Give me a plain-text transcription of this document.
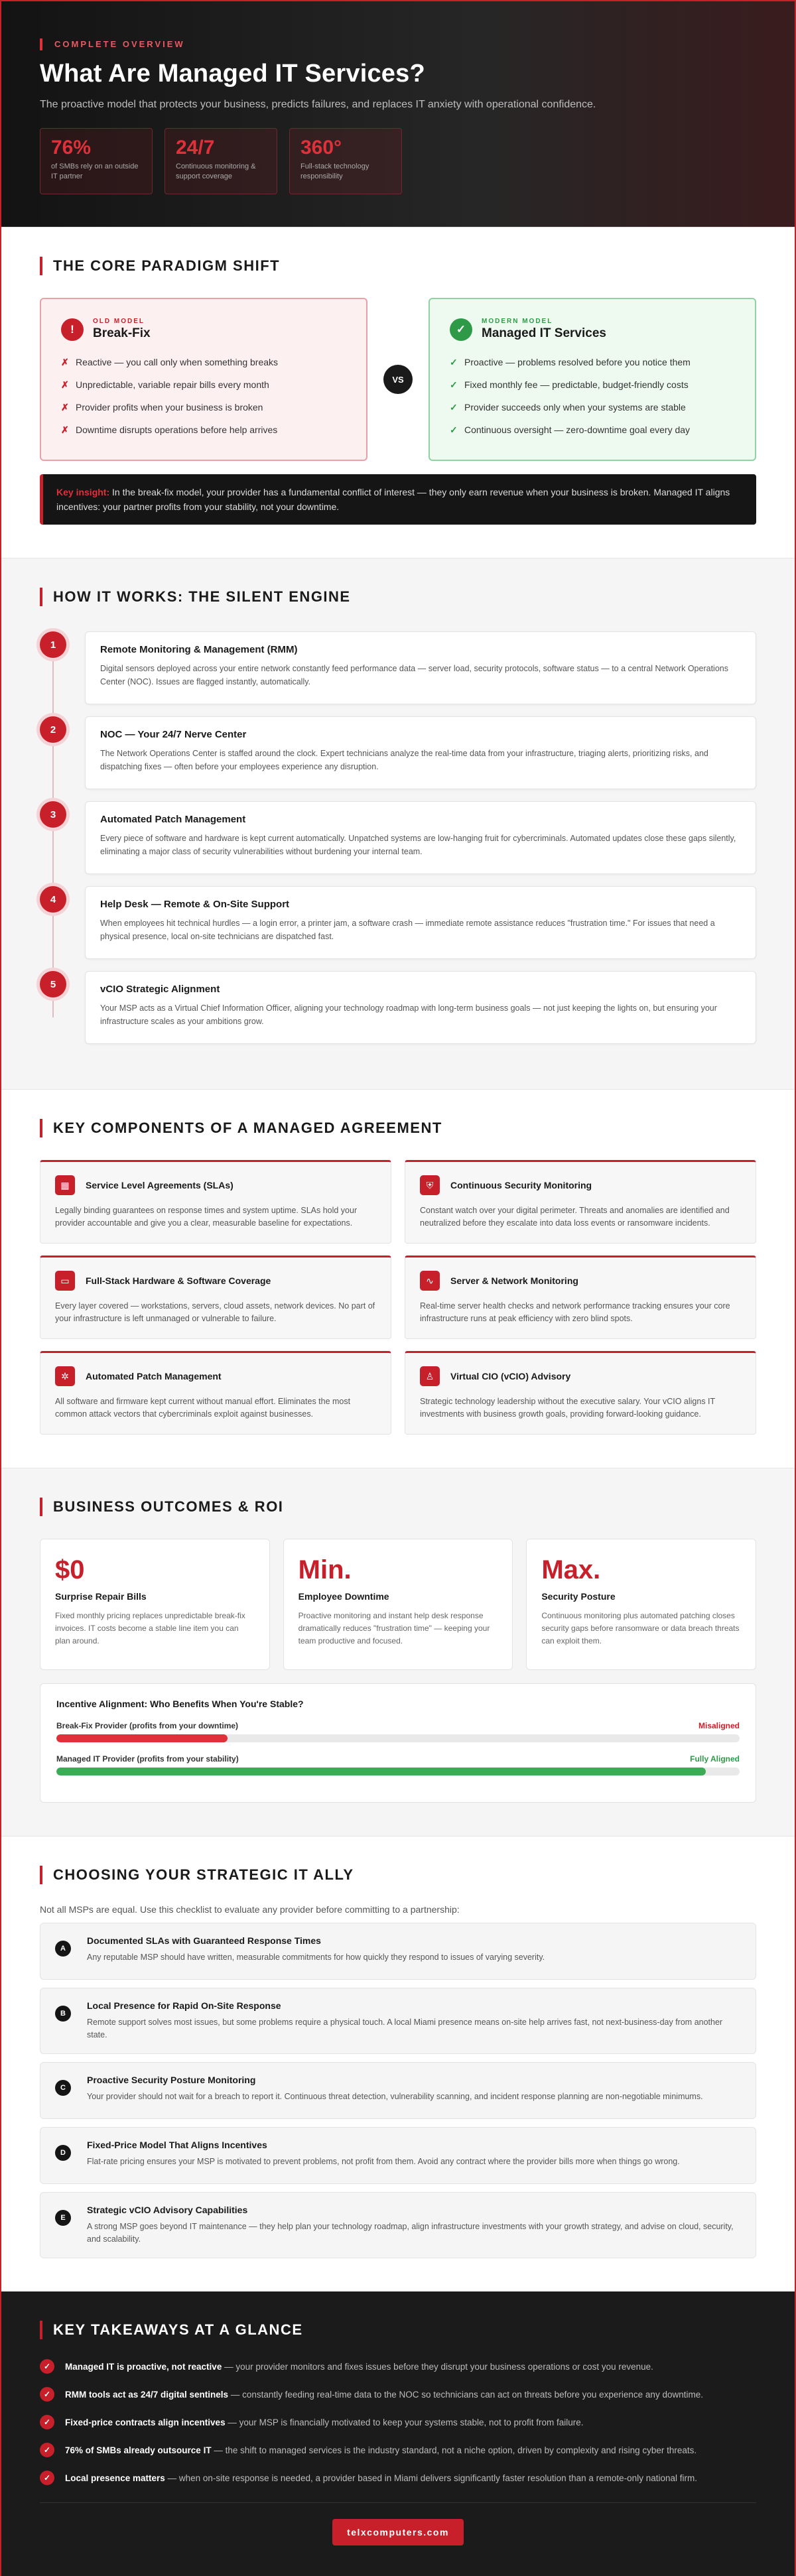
COMPLETE OVERVIEW
What Are Managed IT Services?

The proactive model that protects your business, predicts failures, and replaces IT anxiety with operational confidence.

76%
of SMBs rely on an outside IT partner
24/7
Continuous monitoring & support coverage
360°
Full-stack technology responsibility
THE CORE PARADIGM SHIFT
!
OLD MODEL
Break-Fix
✗ Reactive — you call only when something breaks
✗ Unpredictable, variable repair bills every month
✗ Provider profits when your business is broken
✗ Downtime disrupts operations before help arrives
VS
✓
MODERN MODEL
Managed IT Services
✓ Proactive — problems resolved before you notice them
✓ Fixed monthly fee — predictable, budget-friendly costs
✓ Provider succeeds only when your systems are stable
✓ Continuous oversight — zero-downtime goal every day
Key insight: In the break-fix model, your provider has a fundamental conflict of interest — they only earn revenue when your business is broken. Managed IT aligns incentives: your partner profits from your stability, not your downtime.
HOW IT WORKS: THE SILENT ENGINE
1	Remote Monitoring & Management (RMM)

Digital sensors deployed across your entire network constantly feed performance data — server load, security protocols, software status — to a central Network Operations Center (NOC). Issues are flagged instantly, automatically.

2	NOC — Your 24/7 Nerve Center

The Network Operations Center is staffed around the clock. Expert technicians analyze the real-time data from your infrastructure, triaging alerts, prioritizing risks, and dispatching fixes — often before your employees experience any disruption.

3	Automated Patch Management

Every piece of software and hardware is kept current automatically. Unpatched systems are low-hanging fruit for cybercriminals. Automated updates close these gaps silently, eliminating a major class of security vulnerabilities without burdening your internal team.

4	Help Desk — Remote & On-Site Support

When employees hit technical hurdles — a login error, a printer jam, a software crash — immediate remote assistance reduces "frustration time." For issues that need a physical presence, local on-site technicians are dispatched fast.

5	vCIO Strategic Alignment

Your MSP acts as a Virtual Chief Information Officer, aligning your technology roadmap with long-term business goals — not just keeping the lights on, but ensuring your infrastructure scales as your ambitions grow.

KEY COMPONENTS OF A MANAGED AGREEMENT
▦	Service Level Agreements (SLAs)

Legally binding guarantees on response times and system uptime. SLAs hold your provider accountable and give you a clear, measurable baseline for expectations.

⛨	Continuous Security Monitoring

Constant watch over your digital perimeter. Threats and anomalies are identified and neutralized before they escalate into data loss events or ransomware incidents.

▭	Full-Stack Hardware & Software Coverage

Every layer covered — workstations, servers, cloud assets, network devices. No part of your infrastructure is left unmanaged or vulnerable to failure.

∿	Server & Network Monitoring

Real-time server health checks and network performance tracking ensures your core infrastructure runs at peak efficiency with zero blind spots.

✲	Automated Patch Management

All software and firmware kept current without manual effort. Eliminates the most common attack vectors that cybercriminals exploit against businesses.

♙	Virtual CIO (vCIO) Advisory

Strategic technology leadership without the executive salary. Your vCIO aligns IT investments with business growth goals, providing forward-looking guidance.

BUSINESS OUTCOMES & ROI
$0
Surprise Repair Bills

Fixed monthly pricing replaces unpredictable break-fix invoices. IT costs become a stable line item you can plan around.

Min.
Employee Downtime

Proactive monitoring and instant help desk response dramatically reduces "frustration time" — keeping your team productive and focused.

Max.
Security Posture

Continuous monitoring plus automated patching closes security gaps before ransomware or data breach threats can exploit them.

Incentive Alignment: Who Benefits When You're Stable?
Break-Fix Provider (profits from your downtime)	Misaligned
Managed IT Provider (profits from your stability)	Fully Aligned
CHOOSING YOUR STRATEGIC IT ALLY

Not all MSPs are equal. Use this checklist to evaluate any provider before committing to a partnership:

A
Documented SLAs with Guaranteed Response Times

Any reputable MSP should have written, measurable commitments for how quickly they respond to issues of varying severity.

B
Local Presence for Rapid On-Site Response

Remote support solves most issues, but some problems require a physical touch. A local Miami presence means on-site help arrives fast, not next-business-day from another state.

C
Proactive Security Posture Monitoring

Your provider should not wait for a breach to report it. Continuous threat detection, vulnerability scanning, and incident response planning are non-negotiable minimums.

D
Fixed-Price Model That Aligns Incentives

Flat-rate pricing ensures your MSP is motivated to prevent problems, not profit from them. Avoid any contract where the provider bills more when things go wrong.

E
Strategic vCIO Advisory Capabilities

A strong MSP goes beyond IT maintenance — they help plan your technology roadmap, align infrastructure investments with your growth strategy, and advise on cloud, security, and scalability.

KEY TAKEAWAYS AT A GLANCE
✓	Managed IT is proactive, not reactive — your provider monitors and fixes issues before they disrupt your business operations or cost you revenue.
✓	RMM tools act as 24/7 digital sentinels — constantly feeding real-time data to the NOC so technicians can act on threats before you experience any downtime.
✓	Fixed-price contracts align incentives — your MSP is financially motivated to keep your systems stable, not to profit from failure.
✓	76% of SMBs already outsource IT — the shift to managed services is the industry standard, not a niche option, driven by complexity and rising cyber threats.
✓	Local presence matters — when on-site response is needed, a provider based in Miami delivers significantly faster resolution than a remote-only national firm.
telxcomputers.com
